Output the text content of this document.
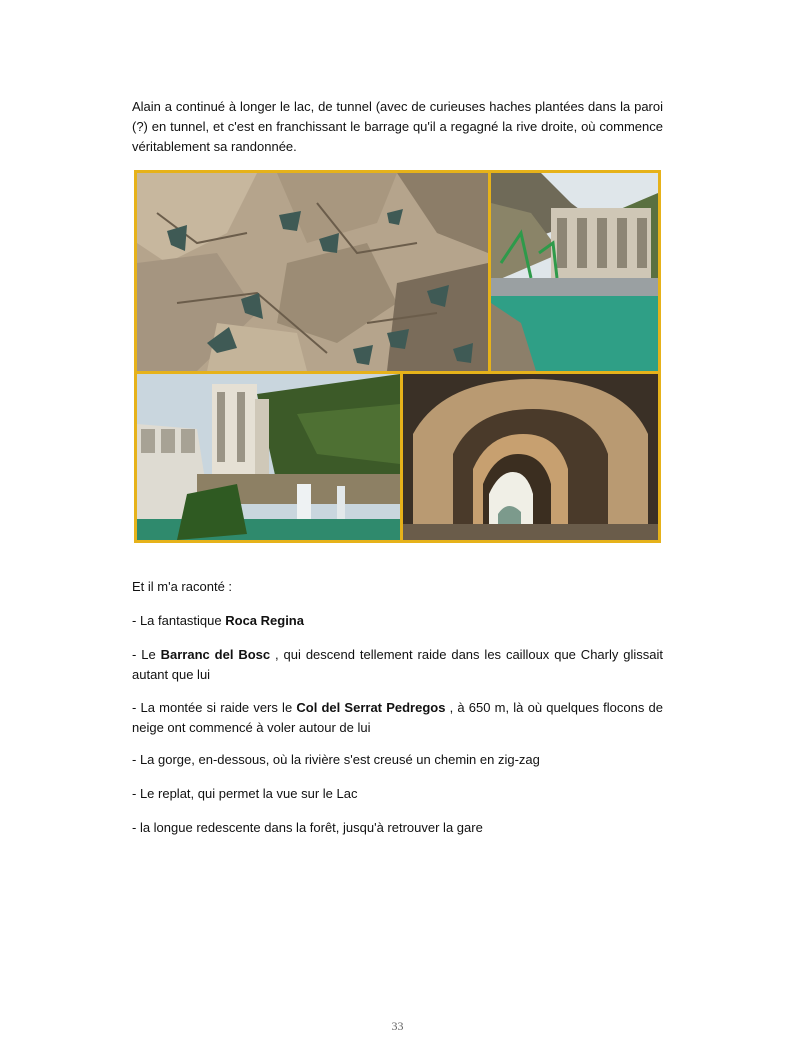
Alain a continué à longer le lac, de tunnel (avec de curieuses haches plantées dans la paroi (?) en tunnel, et c'est en franchissant le barrage qu'il a regagné la rive droite, où commence véritablement sa randonnée.

Et il m'a raconté :

- La fantastique Roca Regina

- Le Barranc del Bosc , qui descend tellement raide dans les cailloux que Charly glissait autant que lui

- La montée si raide vers le Col del Serrat Pedregos , à 650 m, là où quelques flocons de neige ont commencé à voler autour de lui

- La gorge, en-dessous, où la rivière s'est creusé un chemin en zig-zag

- Le replat, qui permet la vue sur le Lac

- la longue redescente dans la forêt, jusqu'à retrouver la gare

33
